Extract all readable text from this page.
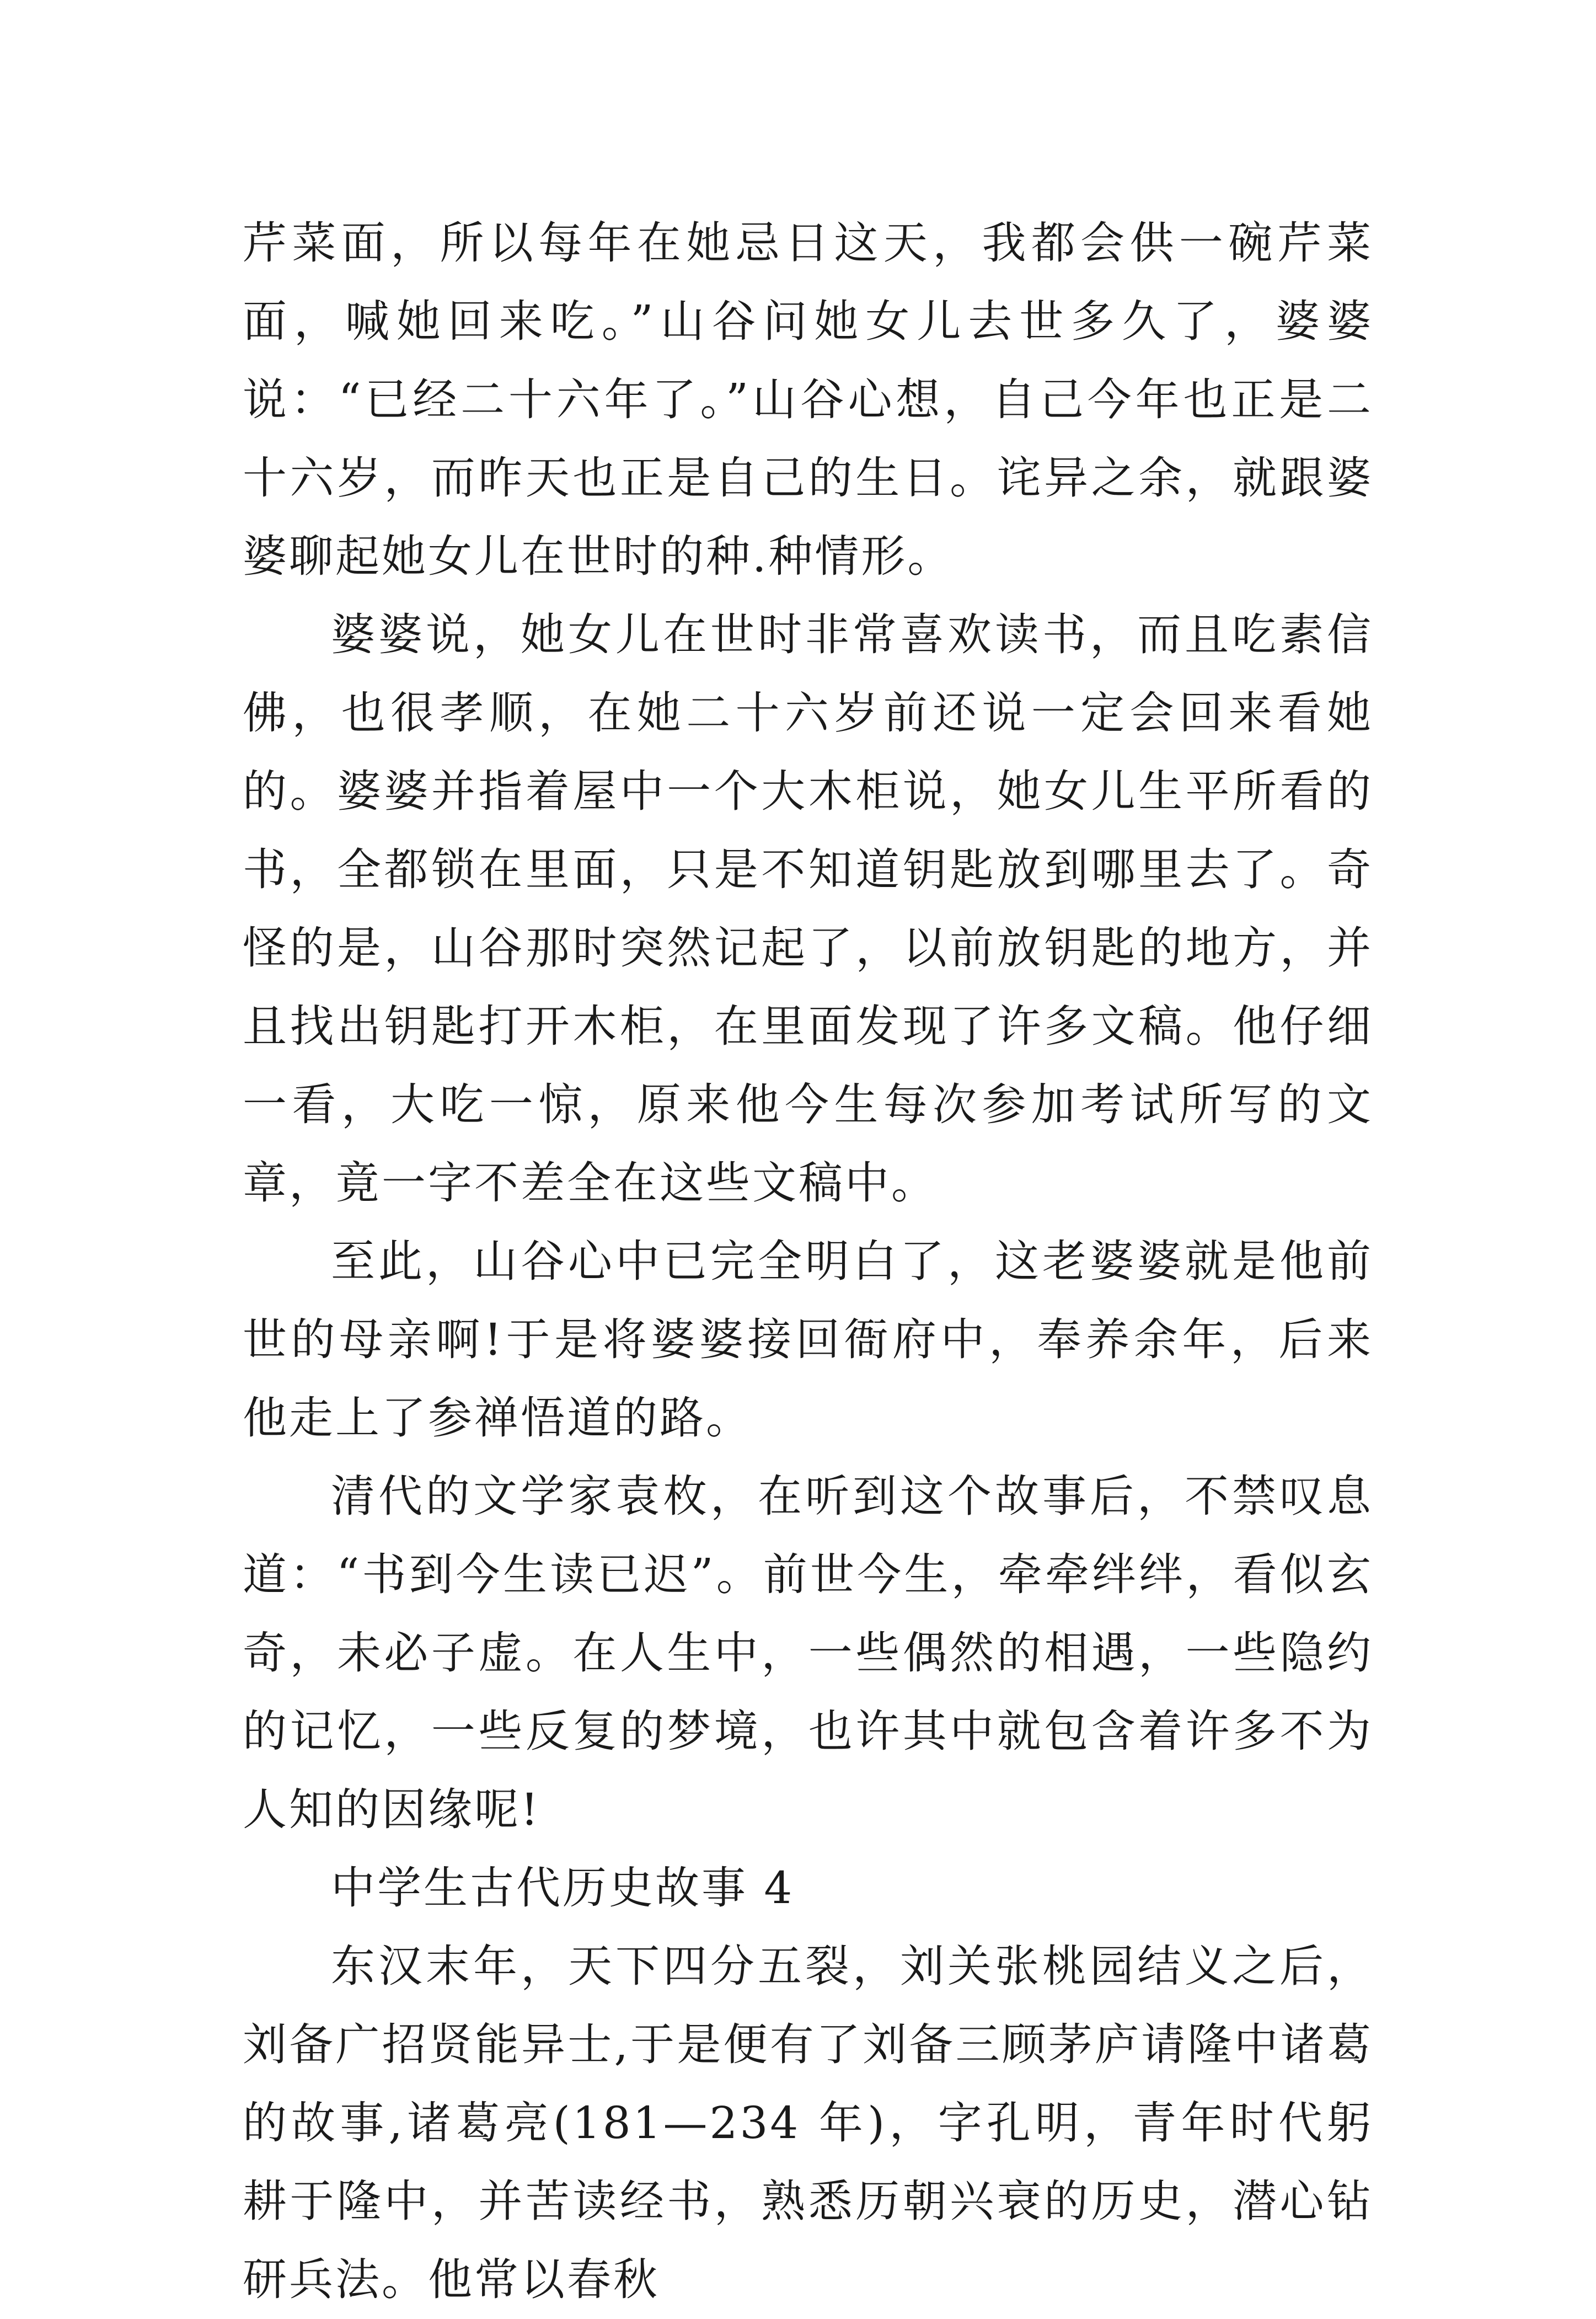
芹菜面，所以每年在她忌日这天，我都会供一碗芹菜面，喊她回来吃。”山谷问她女儿去世多久了，婆婆说：“已经二十六年了。”山谷心想，自己今年也正是二十六岁，而昨天也正是自己的生日。诧异之余，就跟婆婆聊起她女儿在世时的种.种情形。

婆婆说，她女儿在世时非常喜欢读书，而且吃素信佛，也很孝顺，在她二十六岁前还说一定会回来看她的。婆婆并指着屋中一个大木柜说，她女儿生平所看的书，全都锁在里面，只是不知道钥匙放到哪里去了。奇怪的是，山谷那时突然记起了，以前放钥匙的地方，并且找出钥匙打开木柜，在里面发现了许多文稿。他仔细一看，大吃一惊，原来他今生每次参加考试所写的文章，竟一字不差全在这些文稿中。

至此，山谷心中已完全明白了，这老婆婆就是他前世的母亲啊!于是将婆婆接回衙府中，奉养余年，后来他走上了参禅悟道的路。

清代的文学家袁枚，在听到这个故事后，不禁叹息道：“书到今生读已迟”。前世今生，牵牵绊绊，看似玄奇，未必子虚。在人生中，一些偶然的相遇，一些隐约的记忆，一些反复的梦境，也许其中就包含着许多不为人知的因缘呢!

中学生古代历史故事 4

东汉末年，天下四分五裂，刘关张桃园结义之后，刘备广招贤能异士,于是便有了刘备三顾茅庐请隆中诸葛的故事,诸葛亮(181—234 年)，字孔明，青年时代躬耕于隆中，并苦读经书，熟悉历朝兴衰的历史，潜心钻研兵法。他常以春秋
